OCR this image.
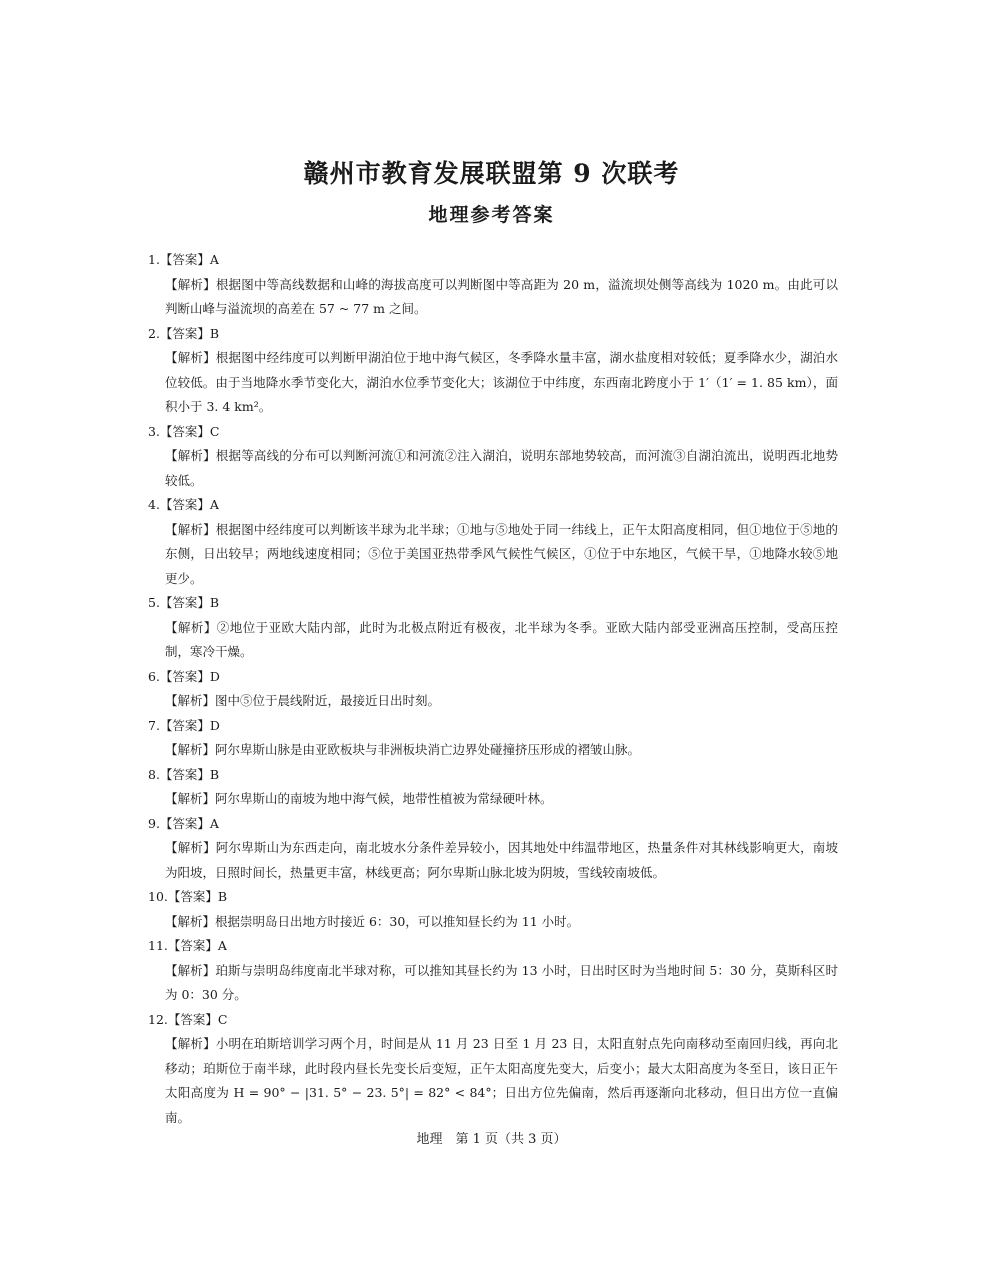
赣州市教育发展联盟第 9 次联考
地理参考答案
1.【答案】A
【解析】根据图中等高线数据和山峰的海拔高度可以判断图中等高距为 20 m，溢流坝处侧等高线为 1020 m。由此可以判断山峰与溢流坝的高差在 57 ~ 77 m 之间。
2.【答案】B
【解析】根据图中经纬度可以判断甲湖泊位于地中海气候区，冬季降水量丰富，湖水盐度相对较低；夏季降水少，湖泊水位较低。由于当地降水季节变化大，湖泊水位季节变化大；该湖位于中纬度，东西南北跨度小于 1′（1′ = 1. 85 km），面积小于 3. 4 km²。
3.【答案】C
【解析】根据等高线的分布可以判断河流①和河流②注入湖泊，说明东部地势较高，而河流③自湖泊流出，说明西北地势较低。
4.【答案】A
【解析】根据图中经纬度可以判断该半球为北半球；①地与⑤地处于同一纬线上，正午太阳高度相同，但①地位于⑤地的东侧，日出较早；两地线速度相同；⑤位于美国亚热带季风气候性气候区，①位于中东地区，气候干旱，①地降水较⑤地更少。
5.【答案】B
【解析】②地位于亚欧大陆内部，此时为北极点附近有极夜，北半球为冬季。亚欧大陆内部受亚洲高压控制，受高压控制，寒冷干燥。
6.【答案】D
【解析】图中⑤位于晨线附近，最接近日出时刻。
7.【答案】D
【解析】阿尔卑斯山脉是由亚欧板块与非洲板块消亡边界处碰撞挤压形成的褶皱山脉。
8.【答案】B
【解析】阿尔卑斯山的南坡为地中海气候，地带性植被为常绿硬叶林。
9.【答案】A
【解析】阿尔卑斯山为东西走向，南北坡水分条件差异较小，因其地处中纬温带地区，热量条件对其林线影响更大，南坡为阳坡，日照时间长，热量更丰富，林线更高；阿尔卑斯山脉北坡为阴坡，雪线较南坡低。
10.【答案】B
【解析】根据崇明岛日出地方时接近 6：30，可以推知昼长约为 11 小时。
11.【答案】A
【解析】珀斯与崇明岛纬度南北半球对称，可以推知其昼长约为 13 小时，日出时区时为当地时间 5：30 分，莫斯科区时为 0：30 分。
12.【答案】C
【解析】小明在珀斯培训学习两个月，时间是从 11 月 23 日至 1 月 23 日，太阳直射点先向南移动至南回归线，再向北移动；珀斯位于南半球，此时段内昼长先变长后变短，正午太阳高度先变大，后变小；最大太阳高度为冬至日，该日正午太阳高度为 H = 90° − |31. 5° − 23. 5°| = 82° < 84°；日出方位先偏南，然后再逐渐向北移动，但日出方位一直偏南。
地理　第 1 页（共 3 页）
